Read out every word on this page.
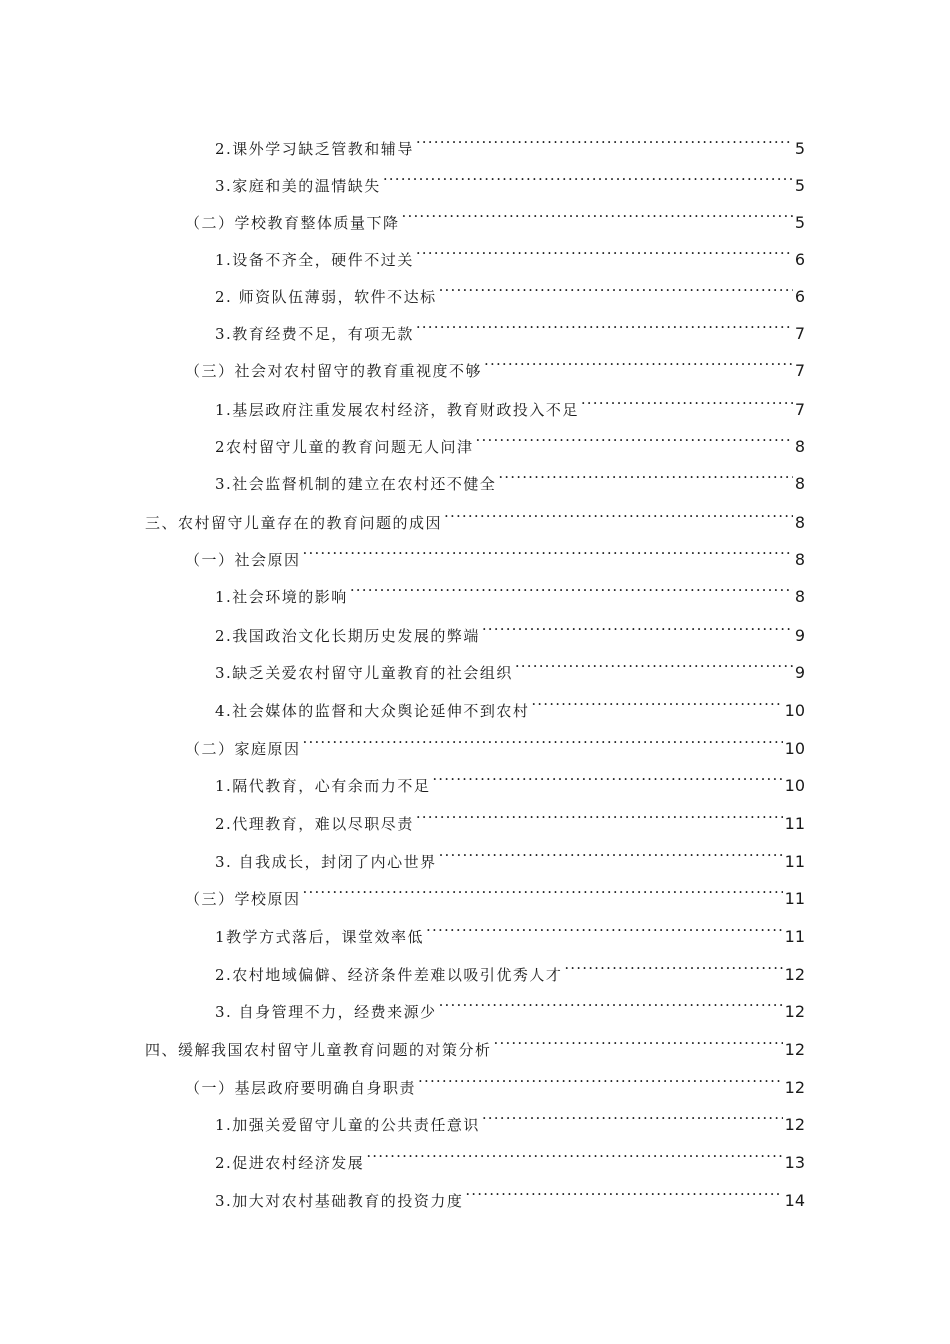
2.课外学习缺乏管教和辅导 .....	5
3.家庭和美的温情缺失 .....	5
（二）学校教育整体质量下降 .....	5
1.设备不齐全，硬件不过关 .....	6
2. 师资队伍薄弱，软件不达标 .....	6
3.教育经费不足，有项无款 .....	7
（三）社会对农村留守的教育重视度不够 .....	7
1.基层政府注重发展农村经济，教育财政投入不足 .....	7
2农村留守儿童的教育问题无人问津 .....	8
3.社会监督机制的建立在农村还不健全 .....	8
三、农村留守儿童存在的教育问题的成因 .....	8
（一）社会原因 .....	8
1.社会环境的影响 .....	8
2.我国政治文化长期历史发展的弊端 .....	9
3.缺乏关爱农村留守儿童教育的社会组织 .....	9
4.社会媒体的监督和大众舆论延伸不到农村 .....	10
（二）家庭原因 .....	10
1.隔代教育，心有余而力不足 .....	10
2.代理教育，难以尽职尽责 .....	11
3. 自我成长，封闭了内心世界 .....	11
（三）学校原因 .....	11
1教学方式落后，课堂效率低 .....	11
2.农村地域偏僻、经济条件差难以吸引优秀人才 .....	12
3. 自身管理不力，经费来源少 .....	12
四、缓解我国农村留守儿童教育问题的对策分析 .....	12
（一）基层政府要明确自身职责 .....	12
1.加强关爱留守儿童的公共责任意识 .....	12
2.促进农村经济发展 .....	13
3.加大对农村基础教育的投资力度 .....	14
